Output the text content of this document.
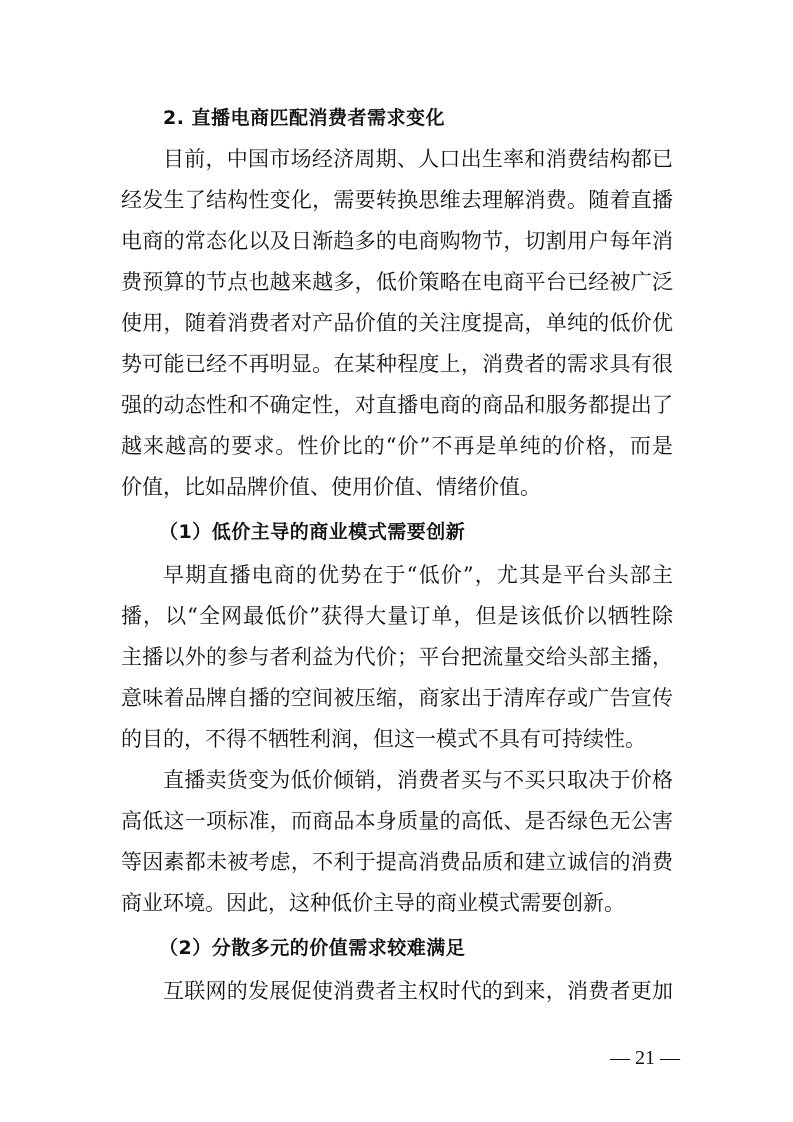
2. 直播电商匹配消费者需求变化
目前，中国市场经济周期、人口出生率和消费结构都已
经发生了结构性变化，需要转换思维去理解消费。随着直播
电商的常态化以及日渐趋多的电商购物节，切割用户每年消
费预算的节点也越来越多，低价策略在电商平台已经被广泛
使用，随着消费者对产品价值的关注度提高，单纯的低价优
势可能已经不再明显。在某种程度上，消费者的需求具有很
强的动态性和不确定性，对直播电商的商品和服务都提出了
越来越高的要求。性价比的“价”不再是单纯的价格，而是
价值，比如品牌价值、使用价值、情绪价值。
（1）低价主导的商业模式需要创新
早期直播电商的优势在于“低价”，尤其是平台头部主
播，以“全网最低价”获得大量订单，但是该低价以牺牲除
主播以外的参与者利益为代价；平台把流量交给头部主播，
意味着品牌自播的空间被压缩，商家出于清库存或广告宣传
的目的，不得不牺牲利润，但这一模式不具有可持续性。
直播卖货变为低价倾销，消费者买与不买只取决于价格
高低这一项标准，而商品本身质量的高低、是否绿色无公害
等因素都未被考虑，不利于提高消费品质和建立诚信的消费
商业环境。因此，这种低价主导的商业模式需要创新。
（2）分散多元的价值需求较难满足
互联网的发展促使消费者主权时代的到来，消费者更加
— 21 —
